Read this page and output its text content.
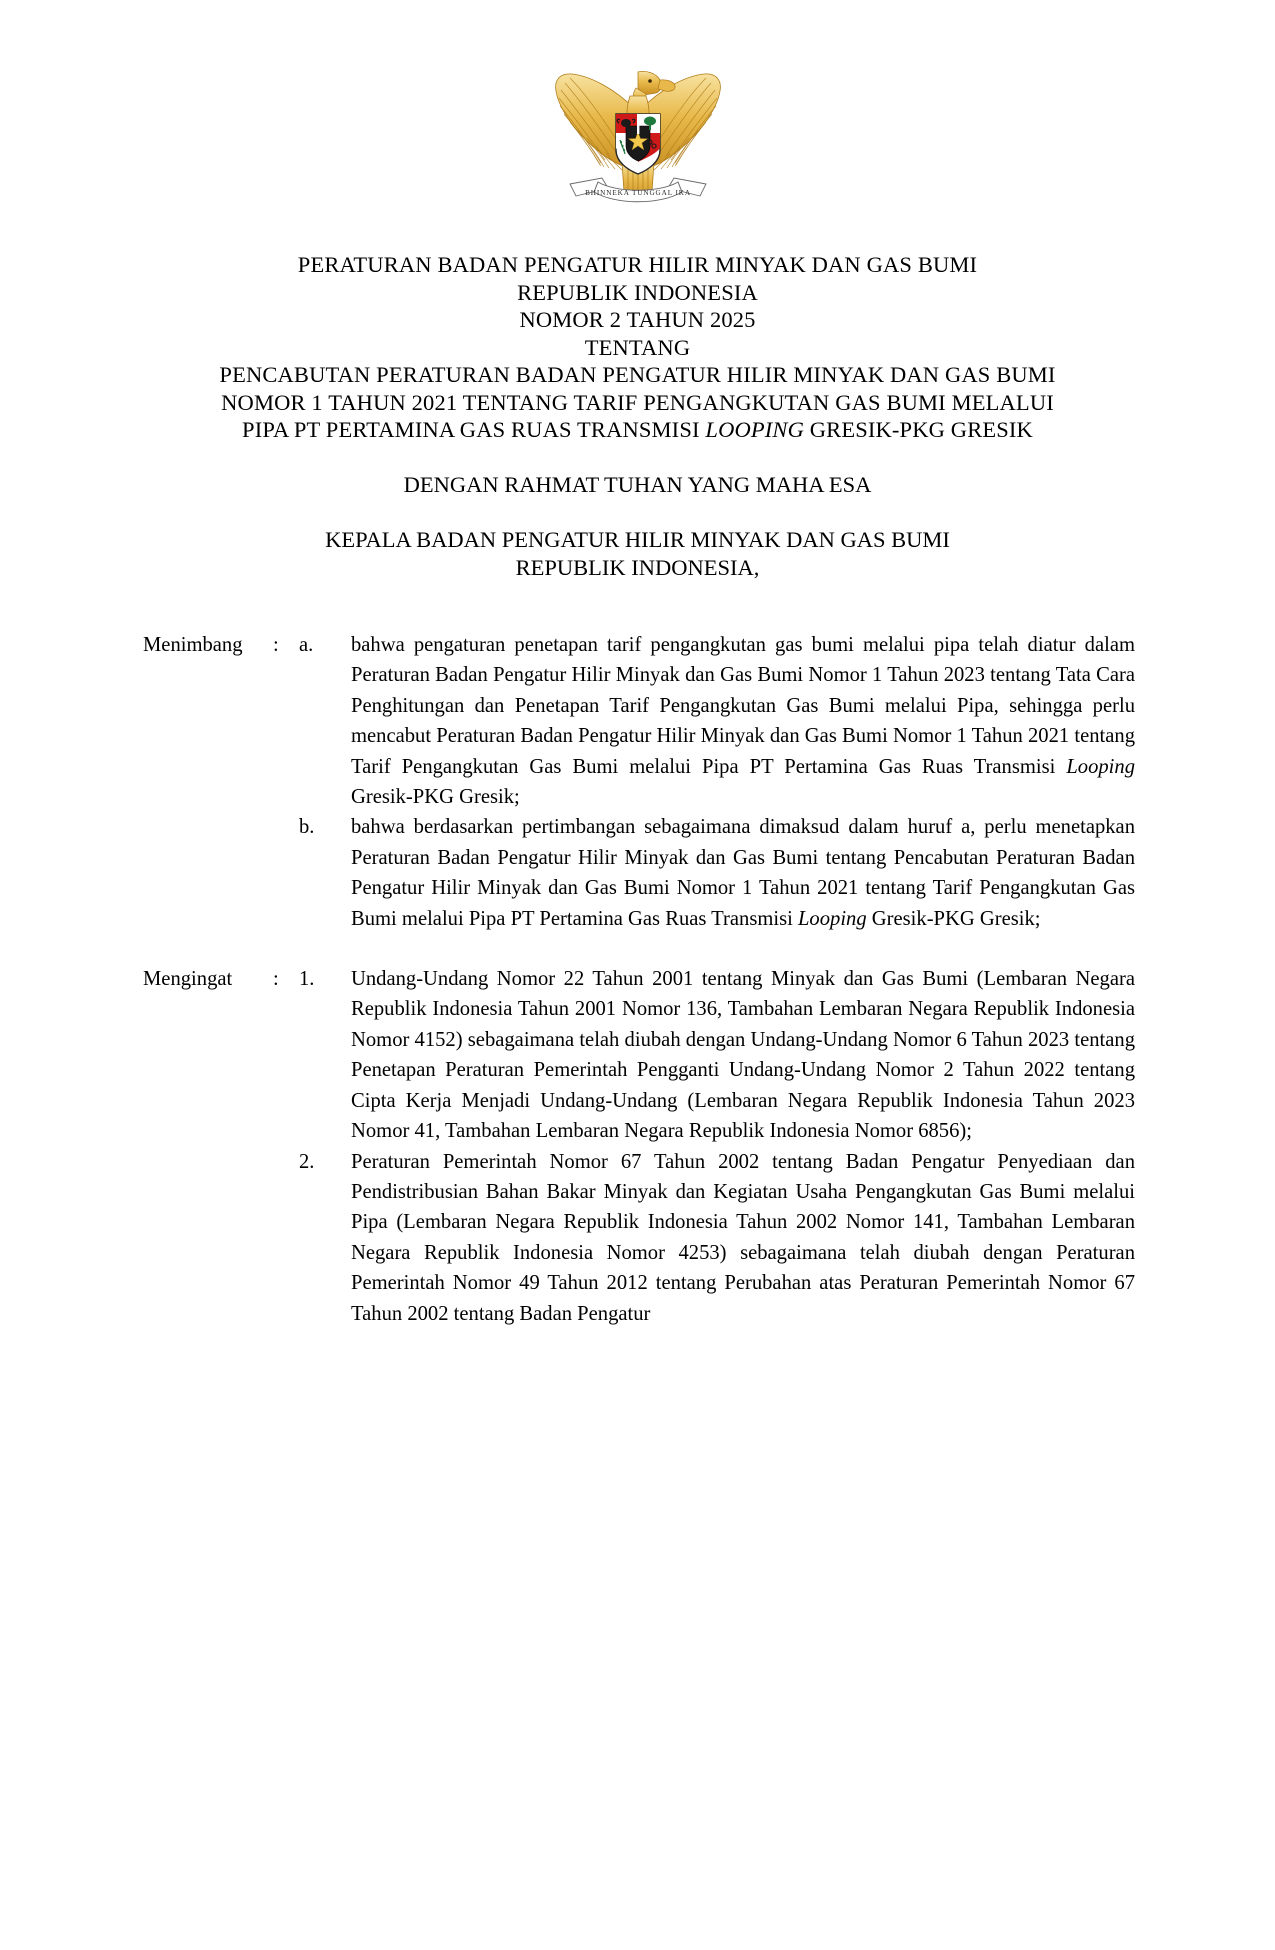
BHINNEKA TUNGGAL IKA
PERATURAN BADAN PENGATUR HILIR MINYAK DAN GAS BUMI
REPUBLIK INDONESIA
NOMOR 2 TAHUN 2025
TENTANG
PENCABUTAN PERATURAN BADAN PENGATUR HILIR MINYAK DAN GAS BUMI
NOMOR 1 TAHUN 2021 TENTANG TARIF PENGANGKUTAN GAS BUMI MELALUI
PIPA PT PERTAMINA GAS RUAS TRANSMISI LOOPING GRESIK-PKG GRESIK
DENGAN RAHMAT TUHAN YANG MAHA ESA
KEPALA BADAN PENGATUR HILIR MINYAK DAN GAS BUMI
REPUBLIK INDONESIA,
Menimbang	: a.	bahwa pengaturan penetapan tarif pengangkutan gas bumi melalui pipa telah diatur dalam Peraturan Badan Pengatur Hilir Minyak dan Gas Bumi Nomor 1 Tahun 2023 tentang Tata Cara Penghitungan dan Penetapan Tarif Pengangkutan Gas Bumi melalui Pipa, sehingga perlu mencabut Peraturan Badan Pengatur Hilir Minyak dan Gas Bumi Nomor 1 Tahun 2021 tentang Tarif Pengangkutan Gas Bumi melalui Pipa PT Pertamina Gas Ruas Transmisi Looping Gresik-PKG Gresik;
b.	bahwa berdasarkan pertimbangan sebagaimana dimaksud dalam huruf a, perlu menetapkan Peraturan Badan Pengatur Hilir Minyak dan Gas Bumi tentang Pencabutan Peraturan Badan Pengatur Hilir Minyak dan Gas Bumi Nomor 1 Tahun 2021 tentang Tarif Pengangkutan Gas Bumi melalui Pipa PT Pertamina Gas Ruas Transmisi Looping Gresik-PKG Gresik;
Mengingat	: 1.	Undang-Undang Nomor 22 Tahun 2001 tentang Minyak dan Gas Bumi (Lembaran Negara Republik Indonesia Tahun 2001 Nomor 136, Tambahan Lembaran Negara Republik Indonesia Nomor 4152) sebagaimana telah diubah dengan Undang-Undang Nomor 6 Tahun 2023 tentang Penetapan Peraturan Pemerintah Pengganti Undang-Undang Nomor 2 Tahun 2022 tentang Cipta Kerja Menjadi Undang-Undang (Lembaran Negara Republik Indonesia Tahun 2023 Nomor 41, Tambahan Lembaran Negara Republik Indonesia Nomor 6856);
2.	Peraturan Pemerintah Nomor 67 Tahun 2002 tentang Badan Pengatur Penyediaan dan Pendistribusian Bahan Bakar Minyak dan Kegiatan Usaha Pengangkutan Gas Bumi melalui Pipa (Lembaran Negara Republik Indonesia Tahun 2002 Nomor 141, Tambahan Lembaran Negara Republik Indonesia Nomor 4253) sebagaimana telah diubah dengan Peraturan Pemerintah Nomor 49 Tahun 2012 tentang Perubahan atas Peraturan Pemerintah Nomor 67 Tahun 2002 tentang Badan Pengatur
